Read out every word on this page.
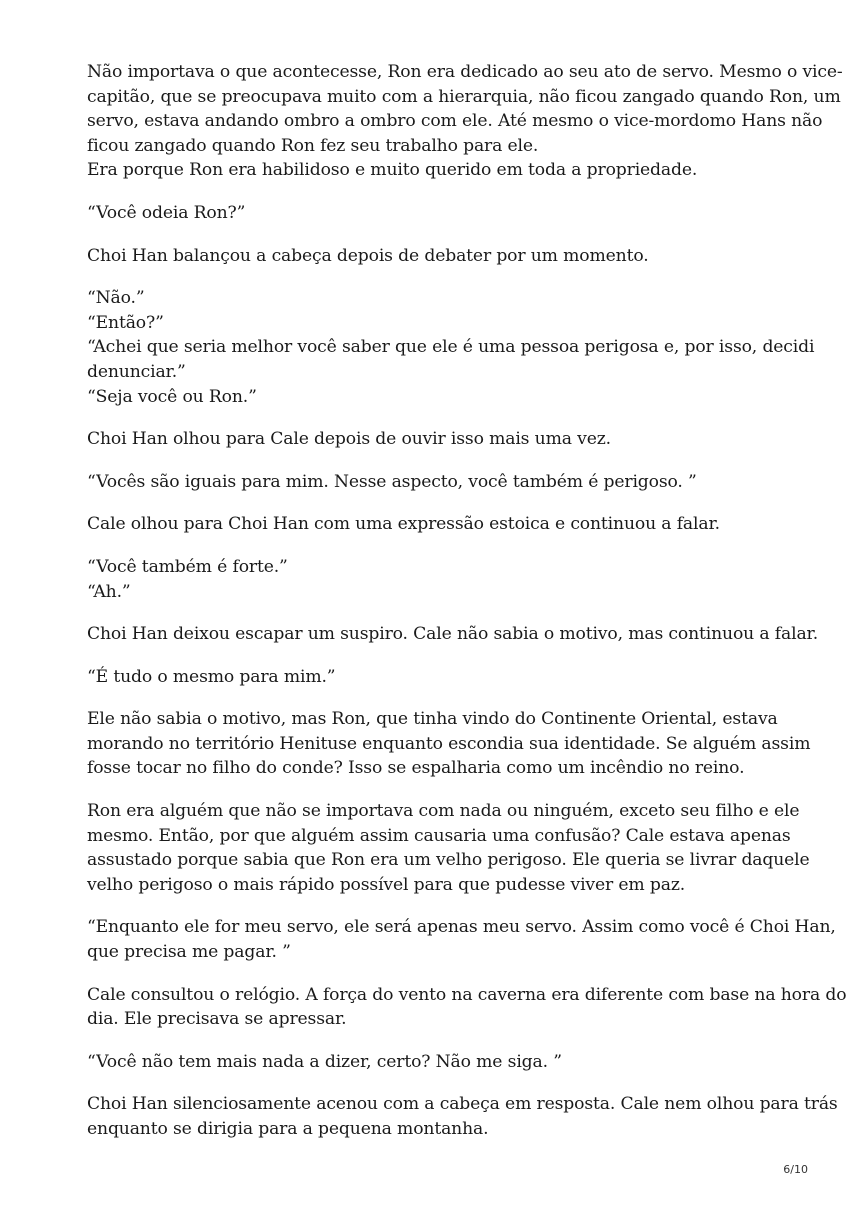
Não importava o que acontecesse, Ron era dedicado ao seu ato de servo. Mesmo o vice-
capitão, que se preocupava muito com a hierarquia, não ficou zangado quando Ron, um
servo, estava andando ombro a ombro com ele. Até mesmo o vice-mordomo Hans não
ficou zangado quando Ron fez seu trabalho para ele.
Era porque Ron era habilidoso e muito querido em toda a propriedade.

“Você odeia Ron?”

Choi Han balançou a cabeça depois de debater por um momento.

“Não.”
“Então?”
“Achei que seria melhor você saber que ele é uma pessoa perigosa e, por isso, decidi
denunciar.”
“Seja você ou Ron.”

Choi Han olhou para Cale depois de ouvir isso mais uma vez.

“Vocês são iguais para mim. Nesse aspecto, você também é perigoso. ”

Cale olhou para Choi Han com uma expressão estoica e continuou a falar.

“Você também é forte.”
“Ah.”

Choi Han deixou escapar um suspiro. Cale não sabia o motivo, mas continuou a falar.

“É tudo o mesmo para mim.”

Ele não sabia o motivo, mas Ron, que tinha vindo do Continente Oriental, estava
morando no território Henituse enquanto escondia sua identidade. Se alguém assim
fosse tocar no filho do conde? Isso se espalharia como um incêndio no reino.

Ron era alguém que não se importava com nada ou ninguém, exceto seu filho e ele
mesmo. Então, por que alguém assim causaria uma confusão? Cale estava apenas
assustado porque sabia que Ron era um velho perigoso. Ele queria se livrar daquele
velho perigoso o mais rápido possível para que pudesse viver em paz.

“Enquanto ele for meu servo, ele será apenas meu servo. Assim como você é Choi Han,
que precisa me pagar. ”

Cale consultou o relógio. A força do vento na caverna era diferente com base na hora do
dia. Ele precisava se apressar.

“Você não tem mais nada a dizer, certo? Não me siga. ”

Choi Han silenciosamente acenou com a cabeça em resposta. Cale nem olhou para trás
enquanto se dirigia para a pequena montanha.

6/10
